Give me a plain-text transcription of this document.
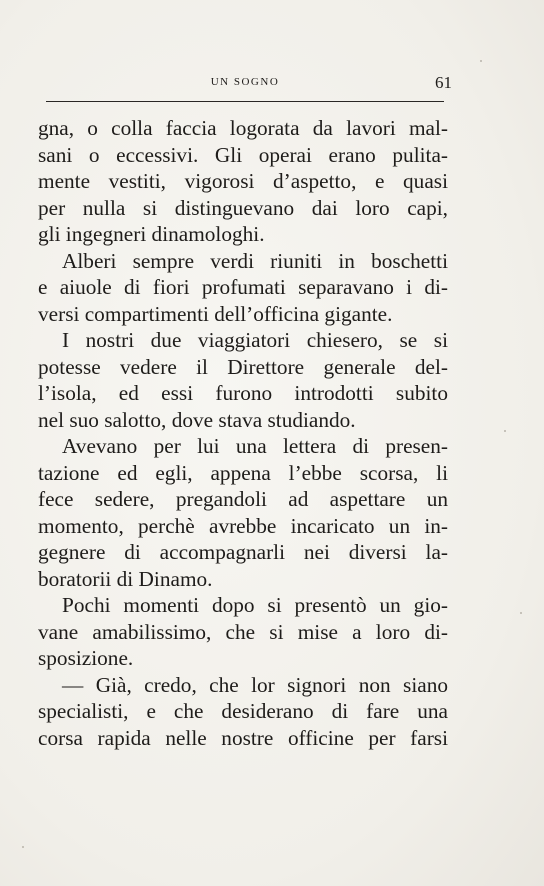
UN SOGNO	61
gna, o colla faccia logorata da lavori mal-
sani o eccessivi. Gli operai erano pulita-
mente vestiti, vigorosi d’aspetto, e quasi
per nulla si distinguevano dai loro capi,
gli ingegneri dinamologhi.
Alberi sempre verdi riuniti in boschetti
e aiuole di fiori profumati separavano i di-
versi compartimenti dell’officina gigante.
I nostri due viaggiatori chiesero, se si
potesse vedere il Direttore generale del-
l’isola, ed essi furono introdotti subito
nel suo salotto, dove stava studiando.
Avevano per lui una lettera di presen-
tazione ed egli, appena l’ebbe scorsa, li
fece sedere, pregandoli ad aspettare un
momento, perchè avrebbe incaricato un in-
gegnere di accompagnarli nei diversi la-
boratorii di Dinamo.
Pochi momenti dopo si presentò un gio-
vane amabilissimo, che si mise a loro di-
sposizione.
— Già, credo, che lor signori non siano
specialisti, e che desiderano di fare una
corsa rapida nelle nostre officine per farsi
